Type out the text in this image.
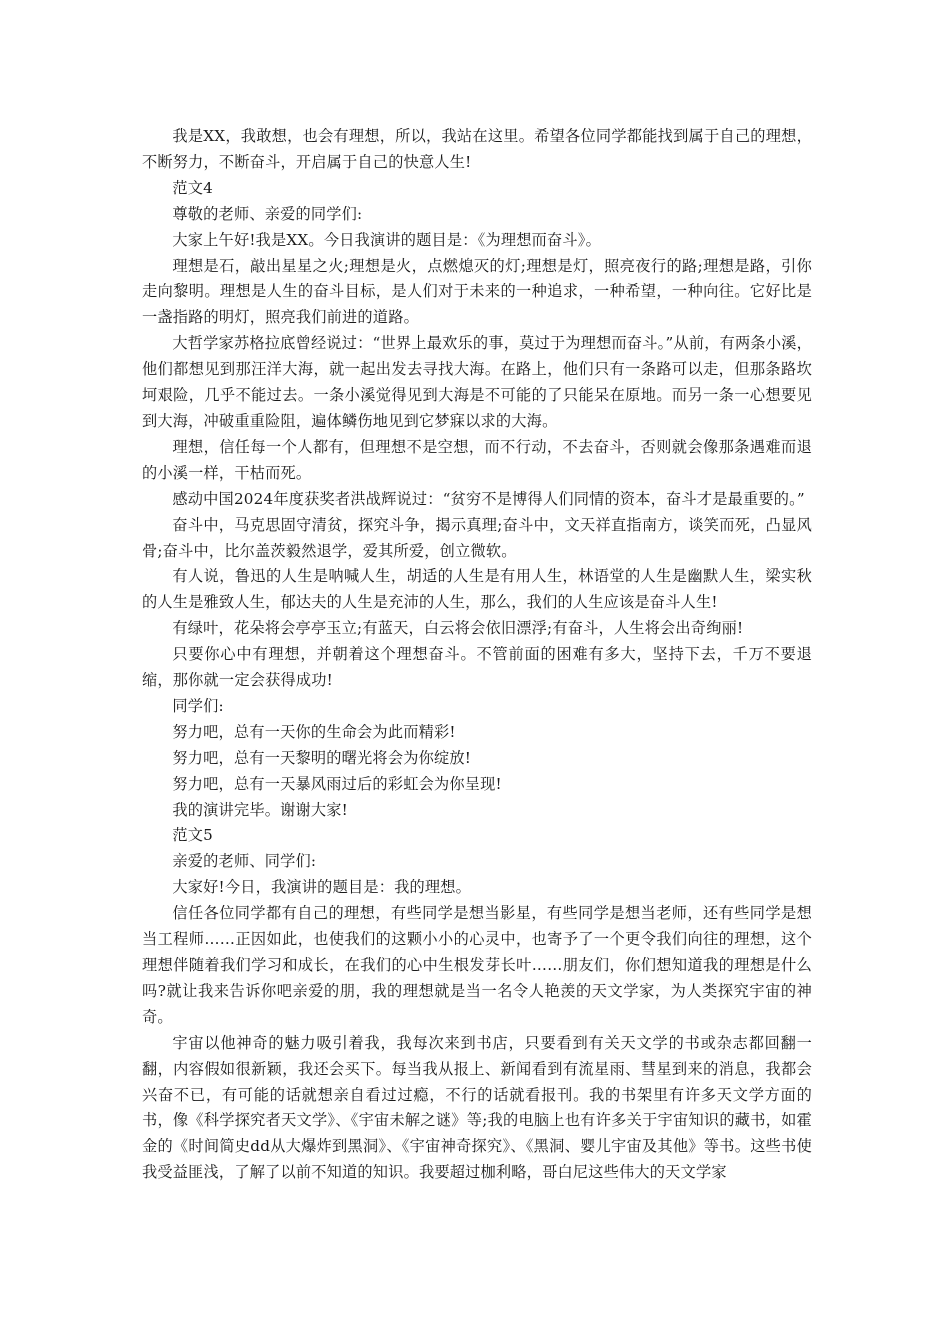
我是XX，我敢想，也会有理想，所以，我站在这里。希望各位同学都能找到属于自己的理想，不断努力，不断奋斗，开启属于自己的快意人生!

范文4

尊敬的老师、亲爱的同学们:

大家上午好!我是XX。今日我演讲的题目是：《为理想而奋斗》。

理想是石，敲出星星之火;理想是火，点燃熄灭的灯;理想是灯，照亮夜行的路;理想是路，引你走向黎明。理想是人生的奋斗目标，是人们对于未来的一种追求，一种希望，一种向往。它好比是一盏指路的明灯，照亮我们前进的道路。

大哲学家苏格拉底曾经说过：“世界上最欢乐的事，莫过于为理想而奋斗。”从前，有两条小溪，他们都想见到那汪洋大海，就一起出发去寻找大海。在路上，他们只有一条路可以走，但那条路坎坷艰险，几乎不能过去。一条小溪觉得见到大海是不可能的了只能呆在原地。而另一条一心想要见到大海，冲破重重险阻，遍体鳞伤地见到它梦寐以求的大海。

理想，信任每一个人都有，但理想不是空想，而不行动，不去奋斗，否则就会像那条遇难而退的小溪一样，干枯而死。

感动中国2024年度获奖者洪战辉说过：“贫穷不是博得人们同情的资本，奋斗才是最重要的。”

奋斗中，马克思固守清贫，探究斗争，揭示真理;奋斗中，文天祥直指南方，谈笑而死，凸显风骨;奋斗中，比尔盖茨毅然退学，爱其所爱，创立微软。

有人说，鲁迅的人生是呐喊人生，胡适的人生是有用人生，林语堂的人生是幽默人生，梁实秋的人生是雅致人生，郁达夫的人生是充沛的人生，那么，我们的人生应该是奋斗人生!

有绿叶，花朵将会亭亭玉立;有蓝天，白云将会依旧漂浮;有奋斗，人生将会出奇绚丽!

只要你心中有理想，并朝着这个理想奋斗。不管前面的困难有多大，坚持下去，千万不要退缩，那你就一定会获得成功!

同学们:

努力吧，总有一天你的生命会为此而精彩!

努力吧，总有一天黎明的曙光将会为你绽放!

努力吧，总有一天暴风雨过后的彩虹会为你呈现!

我的演讲完毕。谢谢大家!

范文5

亲爱的老师、同学们:

大家好!今日，我演讲的题目是：我的理想。

信任各位同学都有自己的理想，有些同学是想当影星，有些同学是想当老师，还有些同学是想当工程师……正因如此，也使我们的这颗小小的心灵中，也寄予了一个更令我们向往的理想，这个理想伴随着我们学习和成长，在我们的心中生根发芽长叶……朋友们，你们想知道我的理想是什么吗?就让我来告诉你吧亲爱的朋，我的理想就是当一名令人艳羡的天文学家，为人类探究宇宙的神奇。

宇宙以他神奇的魅力吸引着我，我每次来到书店，只要看到有关天文学的书或杂志都回翻一翻，内容假如很新颖，我还会买下。每当我从报上、新闻看到有流星雨、彗星到来的消息，我都会兴奋不已，有可能的话就想亲自看过过瘾，不行的话就看报刊。我的书架里有许多天文学方面的书，像《科学探究者天文学》、《宇宙未解之谜》等;我的电脑上也有许多关于宇宙知识的藏书，如霍金的《时间简史dd从大爆炸到黑洞》、《宇宙神奇探究》、《黑洞、婴儿宇宙及其他》等书。这些书使我受益匪浅，了解了以前不知道的知识。我要超过枷利略，哥白尼这些伟大的天文学家
